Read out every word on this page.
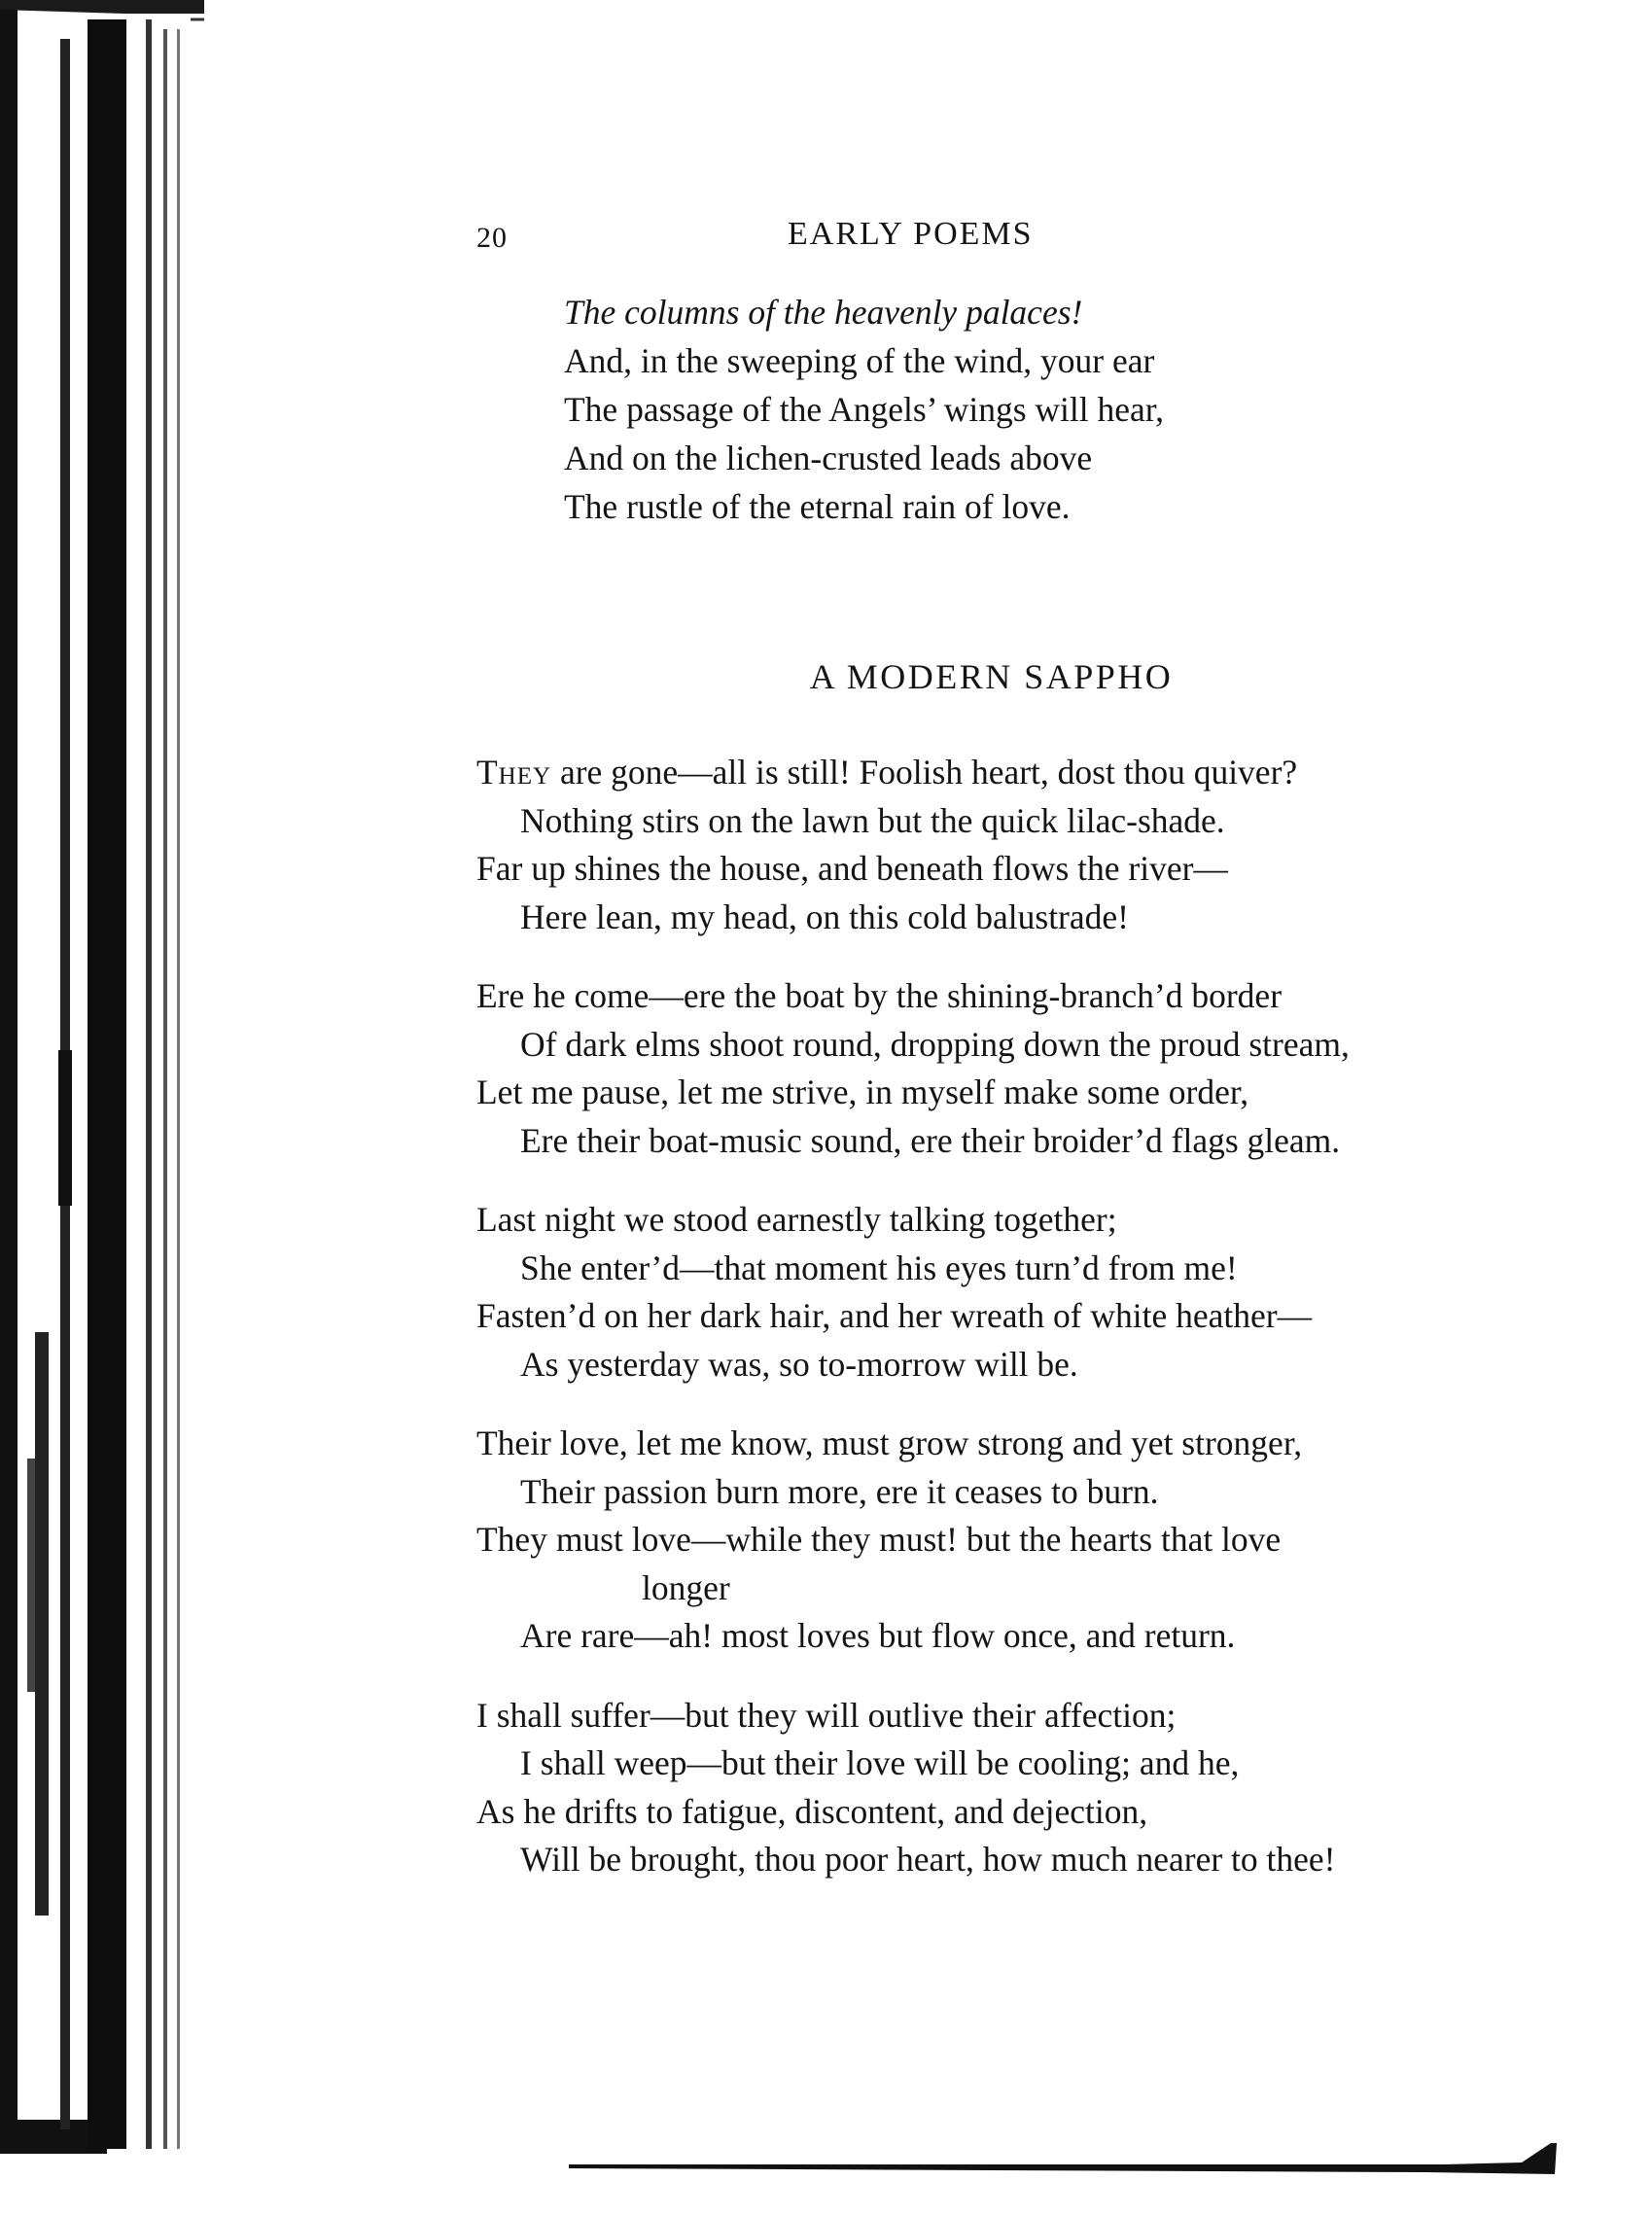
20	EARLY POEMS
The columns of the heavenly palaces!
And, in the sweeping of the wind, your ear
The passage of the Angels’ wings will hear,
And on the lichen-crusted leads above
The rustle of the eternal rain of love.
A MODERN SAPPHO
They are gone—all is still! Foolish heart, dost thou quiver?
Nothing stirs on the lawn but the quick lilac-shade.
Far up shines the house, and beneath flows the river—
Here lean, my head, on this cold balustrade!
Ere he come—ere the boat by the shining-branch’d border
Of dark elms shoot round, dropping down the proud stream,
Let me pause, let me strive, in myself make some order,
Ere their boat-music sound, ere their broider’d flags gleam.
Last night we stood earnestly talking together;
She enter’d—that moment his eyes turn’d from me!
Fasten’d on her dark hair, and her wreath of white heather—
As yesterday was, so to-morrow will be.
Their love, let me know, must grow strong and yet stronger,
Their passion burn more, ere it ceases to burn.
They must love—while they must! but the hearts that love
longer
Are rare—ah! most loves but flow once, and return.
I shall suffer—but they will outlive their affection;
I shall weep—but their love will be cooling; and he,
As he drifts to fatigue, discontent, and dejection,
Will be brought, thou poor heart, how much nearer to thee!
